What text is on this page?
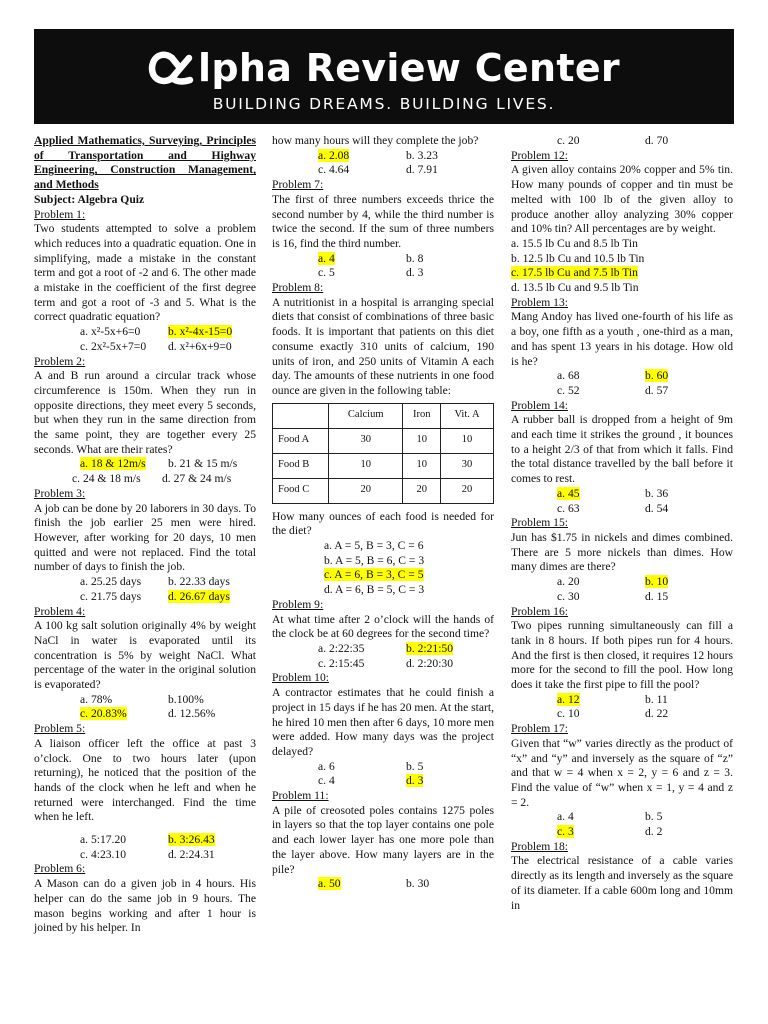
lpha Review Center
BUILDING DREAMS. BUILDING LIVES.

Applied Mathematics, Surveying, Principles of Transportation and Highway Engineering, Construction Management, and Methods

Subject: Algebra Quiz

Problem 1:

Two students attempted to solve a problem which reduces into a quadratic equation. One in simplifying, made a mistake in the constant term and got a root of -2 and 6. The other made a mistake in the coefficient of the first degree term and got a root of -3 and 5. What is the correct quadratic equation?

a. x²-5x+6=0	b. x²-4x-15=0
c. 2x²-5x+7=0	d. x²+6x+9=0

Problem 2:

A and B run around a circular track whose circumference is 150m. When they run in opposite directions, they meet every 5 seconds, but when they run in the same direction from the same point, they are together every 25 seconds. What are their rates?

a. 18 & 12m/s	b. 21 & 15 m/s
c. 24 & 18 m/s	d. 27 & 24 m/s

Problem 3:

A job can be done by 20 laborers in 30 days. To finish the job earlier 25 men were hired. However, after working for 20 days, 10 men quitted and were not replaced. Find the total number of days to finish the job.

a. 25.25 days	b. 22.33 days
c. 21.75 days	d. 26.67 days

Problem 4:

A 100 kg salt solution originally 4% by weight NaCl in water is evaporated until its concentration is 5% by weight NaCl. What percentage of the water in the original solution is evaporated?

a. 78%	b.100%
c. 20.83%	d. 12.56%

Problem 5:

A liaison officer left the office at past 3 o’clock. One to two hours later (upon returning), he noticed that the position of the hands of the clock when he left and when he returned were interchanged. Find the time when he left.

a. 5:17.20	b. 3:26.43
c. 4:23.10	d. 2:24.31

Problem 6:

A Mason can do a given job in 4 hours. His helper can do the same job in 9 hours. The mason begins working and after 1 hour is joined by his helper. In

how many hours will they complete the job?

a. 2.08	b. 3.23
c. 4.64	d. 7.91

Problem 7:

The first of three numbers exceeds thrice the second number by 4, while the third number is twice the second. If the sum of three numbers is 16, find the third number.

a. 4	b. 8
c. 5	d. 3

Problem 8:

A nutritionist in a hospital is arranging special diets that consist of combinations of three basic foods. It is important that patients on this diet consume exactly 310 units of calcium, 190 units of iron, and 250 units of Vitamin A each day. The amounts of these nutrients in one food ounce are given in the following table:

	Calcium	Iron	Vit. A
Food A	30	10	10
Food B	10	10	30
Food C	20	20	20

How many ounces of each food is needed for the diet?

a. A = 5, B = 3, C = 6

b. A = 5, B = 6, C = 3

c. A = 6, B = 3, C = 5

d. A = 6, B = 5, C = 3

Problem 9:

At what time after 2 o’clock will the hands of the clock be at 60 degrees for the second time?

a. 2:22:35	b. 2:21:50
c. 2:15:45	d. 2:20:30

Problem 10:

A contractor estimates that he could finish a project in 15 days if he has 20 men. At the start, he hired 10 men then after 6 days, 10 more men were added. How many days was the project delayed?

a. 6	b. 5
c. 4	d. 3

Problem 11:

A pile of creosoted poles contains 1275 poles in layers so that the top layer contains one pole and each lower layer has one more pole than the layer above. How many layers are in the pile?

a. 50	b. 30
c. 20	d. 70

Problem 12:

A given alloy contains 20% copper and 5% tin. How many pounds of copper and tin must be melted with 100 lb of the given alloy to produce another alloy analyzing 30% copper and 10% tin? All percentages are by weight.

a. 15.5 lb Cu and 8.5 lb Tin

b. 12.5 lb Cu and 10.5 lb Tin

c. 17.5 lb Cu and 7.5 lb Tin

d. 13.5 lb Cu and 9.5 lb Tin

Problem 13:

Mang Andoy has lived one-fourth of his life as a boy, one fifth as a youth , one-third as a man, and has spent 13 years in his dotage. How old is he?

a. 68	b. 60
c. 52	d. 57

Problem 14:

A rubber ball is dropped from a height of 9m and each time it strikes the ground , it bounces to a height 2/3 of that from which it falls. Find the total distance travelled by the ball before it comes to rest.

a. 45	b. 36
c. 63	d. 54

Problem 15:

Jun has $1.75 in nickels and dimes combined. There are 5 more nickels than dimes. How many dimes are there?

a. 20	b. 10
c. 30	d. 15

Problem 16:

Two pipes running simultaneously can fill a tank in 8 hours. If both pipes run for 4 hours. And the first is then closed, it requires 12 hours more for the second to fill the pool. How long does it take the first pipe to fill the pool?

a. 12	b. 11
c. 10	d. 22

Problem 17:

Given that “w” varies directly as the product of “x” and “y” and inversely as the square of “z” and that w = 4 when x = 2, y = 6 and z = 3. Find the value of “w” when x = 1, y = 4 and z = 2.

a. 4	b. 5
c. 3	d. 2

Problem 18:

The electrical resistance of a cable varies directly as its length and inversely as the square of its diameter. If a cable 600m long and 10mm in
